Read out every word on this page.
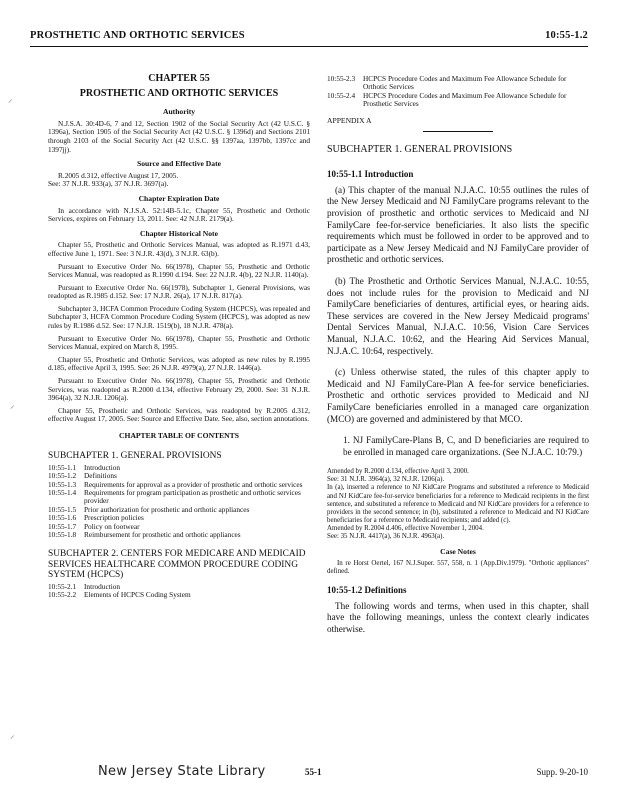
PROSTHETIC AND ORTHOTIC SERVICES	10:55-1.2
⸝
⸝
⸝
CHAPTER 55
PROSTHETIC AND ORTHOTIC SERVICES
Authority
N.J.S.A. 30:4D-6, 7 and 12, Section 1902 of the Social Security Act (42 U.S.C. § 1396a), Section 1905 of the Social Security Act (42 U.S.C. § 1396d) and Sections 2101 through 2103 of the Social Security Act (42 U.S.C. §§ 1397aa, 1397bb, 1397cc and 1397jj).
Source and Effective Date
R.2005 d.312, effective August 17, 2005.
See: 37 N.J.R. 933(a), 37 N.J.R. 3697(a).
Chapter Expiration Date
In accordance with N.J.S.A. 52:14B-5.1c, Chapter 55, Prosthetic and Orthotic Services, expires on February 13, 2011. See: 42 N.J.R. 2179(a).
Chapter Historical Note
Chapter 55, Prosthetic and Orthotic Services Manual, was adopted as R.1971 d.43, effective June 1, 1971. See: 3 N.J.R. 43(d), 3 N.J.R. 63(b).
Pursuant to Executive Order No. 66(1978), Chapter 55, Prosthetic and Orthotic Services Manual, was readopted as R.1990 d.194. See: 22 N.J.R. 4(b), 22 N.J.R. 1140(a).
Pursuant to Executive Order No. 66(1978), Subchapter 1, General Provisions, was readopted as R.1985 d.152. See: 17 N.J.R. 26(a), 17 N.J.R. 817(a).
Subchapter 3, HCFA Common Procedure Coding System (HCPCS), was repealed and Subchapter 3, HCFA Common Procedure Coding System (HCPCS), was adopted as new rules by R.1986 d.52. See: 17 N.J.R. 1519(b), 18 N.J.R. 478(a).
Pursuant to Executive Order No. 66(1978), Chapter 55, Prosthetic and Orthotic Services Manual, expired on March 8, 1995.
Chapter 55, Prosthetic and Orthotic Services, was adopted as new rules by R.1995 d.185, effective April 3, 1995. See: 26 N.J.R. 4979(a), 27 N.J.R. 1446(a).
Pursuant to Executive Order No. 66(1978), Chapter 55, Prosthetic and Orthotic Services, was readopted as R.2000 d.134, effective February 29, 2000. See: 31 N.J.R. 3964(a), 32 N.J.R. 1206(a).
Chapter 55, Prosthetic and Orthotic Services, was readopted by R.2005 d.312, effective August 17, 2005. See: Source and Effective Date. See, also, section annotations.
CHAPTER TABLE OF CONTENTS
SUBCHAPTER 1. GENERAL PROVISIONS
10:55-1.1	Introduction
10:55-1.2	Definitions
10:55-1.3	Requirements for approval as a provider of prosthetic and orthotic services
10:55-1.4	Requirements for program participation as prosthetic and orthotic services provider
10:55-1.5	Prior authorization for prosthetic and orthotic appliances
10:55-1.6	Prescription policies
10:55-1.7	Policy on footwear
10:55-1.8	Reimbursement for prosthetic and orthotic appliances
SUBCHAPTER 2. CENTERS FOR MEDICARE AND MEDICAID SERVICES HEALTHCARE COMMON PROCEDURE CODING SYSTEM (HCPCS)
10:55-2.1	Introduction
10:55-2.2	Elements of HCPCS Coding System
10:55-2.3	HCPCS Procedure Codes and Maximum Fee Allowance Schedule for Orthotic Services
10:55-2.4	HCPCS Procedure Codes and Maximum Fee Allowance Schedule for Prosthetic Services
APPENDIX A
SUBCHAPTER 1. GENERAL PROVISIONS
10:55-1.1 Introduction
(a) This chapter of the manual N.J.A.C. 10:55 outlines the rules of the New Jersey Medicaid and NJ FamilyCare programs relevant to the provision of prosthetic and orthotic services to Medicaid and NJ FamilyCare fee-for-service beneficiaries. It also lists the specific requirements which must be followed in order to be approved and to participate as a New Jersey Medicaid and NJ FamilyCare provider of prosthetic and orthotic services.
(b) The Prosthetic and Orthotic Services Manual, N.J.A.C. 10:55, does not include rules for the provision to Medicaid and NJ FamilyCare beneficiaries of dentures, artificial eyes, or hearing aids. These services are covered in the New Jersey Medicaid programs' Dental Services Manual, N.J.A.C. 10:56, Vision Care Services Manual, N.J.A.C. 10:62, and the Hearing Aid Services Manual, N.J.A.C. 10:64, respectively.
(c) Unless otherwise stated, the rules of this chapter apply to Medicaid and NJ FamilyCare-Plan A fee-for service beneficiaries. Prosthetic and orthotic services provided to Medicaid and NJ FamilyCare beneficiaries enrolled in a managed care organization (MCO) are governed and administered by that MCO.
1. NJ FamilyCare-Plans B, C, and D beneficiaries are required to be enrolled in managed care organizations. (See N.J.A.C. 10:79.)
Amended by R.2000 d.134, effective April 3, 2000.
See: 31 N.J.R. 3964(a), 32 N.J.R. 1206(a).
In (a), inserted a reference to NJ KidCare Programs and substituted a reference to Medicaid and NJ KidCare fee-for-service beneficiaries for a reference to Medicaid recipients in the first sentence, and substituted a reference to Medicaid and NJ KidCare providers for a reference to providers in the second sentence; in (b), substituted a reference to Medicaid and NJ KidCare beneficiaries for a reference to Medicaid recipients; and added (c).
Amended by R.2004 d.406, effective November 1, 2004.
See: 35 N.J.R. 4417(a), 36 N.J.R. 4963(a).
Case Notes
In re Horst Oertel, 167 N.J.Super. 557, 558, n. 1 (App.Div.1979). "Orthotic appliances" defined.
10:55-1.2 Definitions
The following words and terms, when used in this chapter, shall have the following meanings, unless the context clearly indicates otherwise.
New Jersey State Library	55-1	Supp. 9-20-10
